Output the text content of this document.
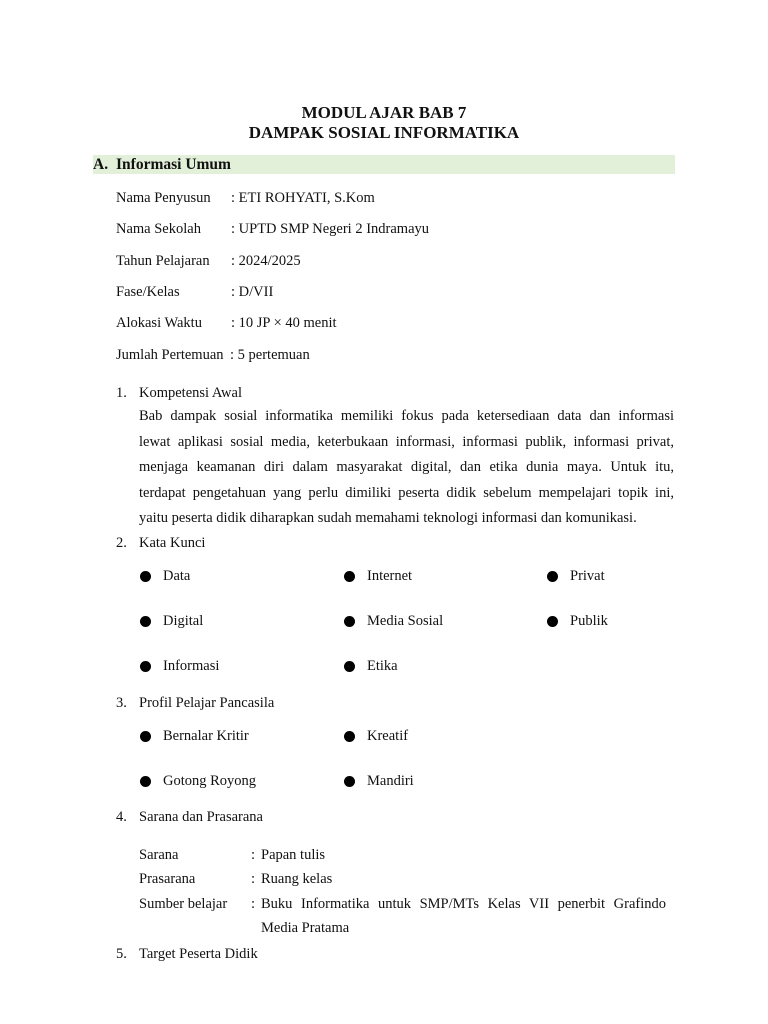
MODUL AJAR BAB 7
DAMPAK SOSIAL INFORMATIKA
A. Informasi Umum
Nama Penyusun : ETI ROHYATI, S.Kom
Nama Sekolah : UPTD SMP Negeri 2 Indramayu
Tahun Pelajaran : 2024/2025
Fase/Kelas	: D/VII
Alokasi Waktu : 10 JP × 40 menit
Jumlah Pertemuan : 5 pertemuan
1. Kompetensi Awal
Bab dampak sosial informatika memiliki fokus pada ketersediaan data dan informasi
lewat aplikasi sosial media, keterbukaan informasi, informasi publik, informasi privat,
menjaga keamanan diri dalam masyarakat digital, dan etika dunia maya. Untuk itu,
terdapat pengetahuan yang perlu dimiliki peserta didik sebelum mempelajari topik ini,
yaitu peserta didik diharapkan sudah memahami teknologi informasi dan komunikasi.
2. Kata Kunci
Data	Internet	Privat
Digital	Media Sosial	Publik
Informasi	Etika
3. Profil Pelajar Pancasila
Bernalar Kritir	Kreatif
Gotong Royong	Mandiri
4. Sarana dan Prasarana
Sarana	: Papan tulis
Prasarana	: Ruang kelas
Sumber belajar : Buku Informatika untuk SMP/MTs Kelas VII penerbit Grafindo Media Pratama
5. Target Peserta Didik
